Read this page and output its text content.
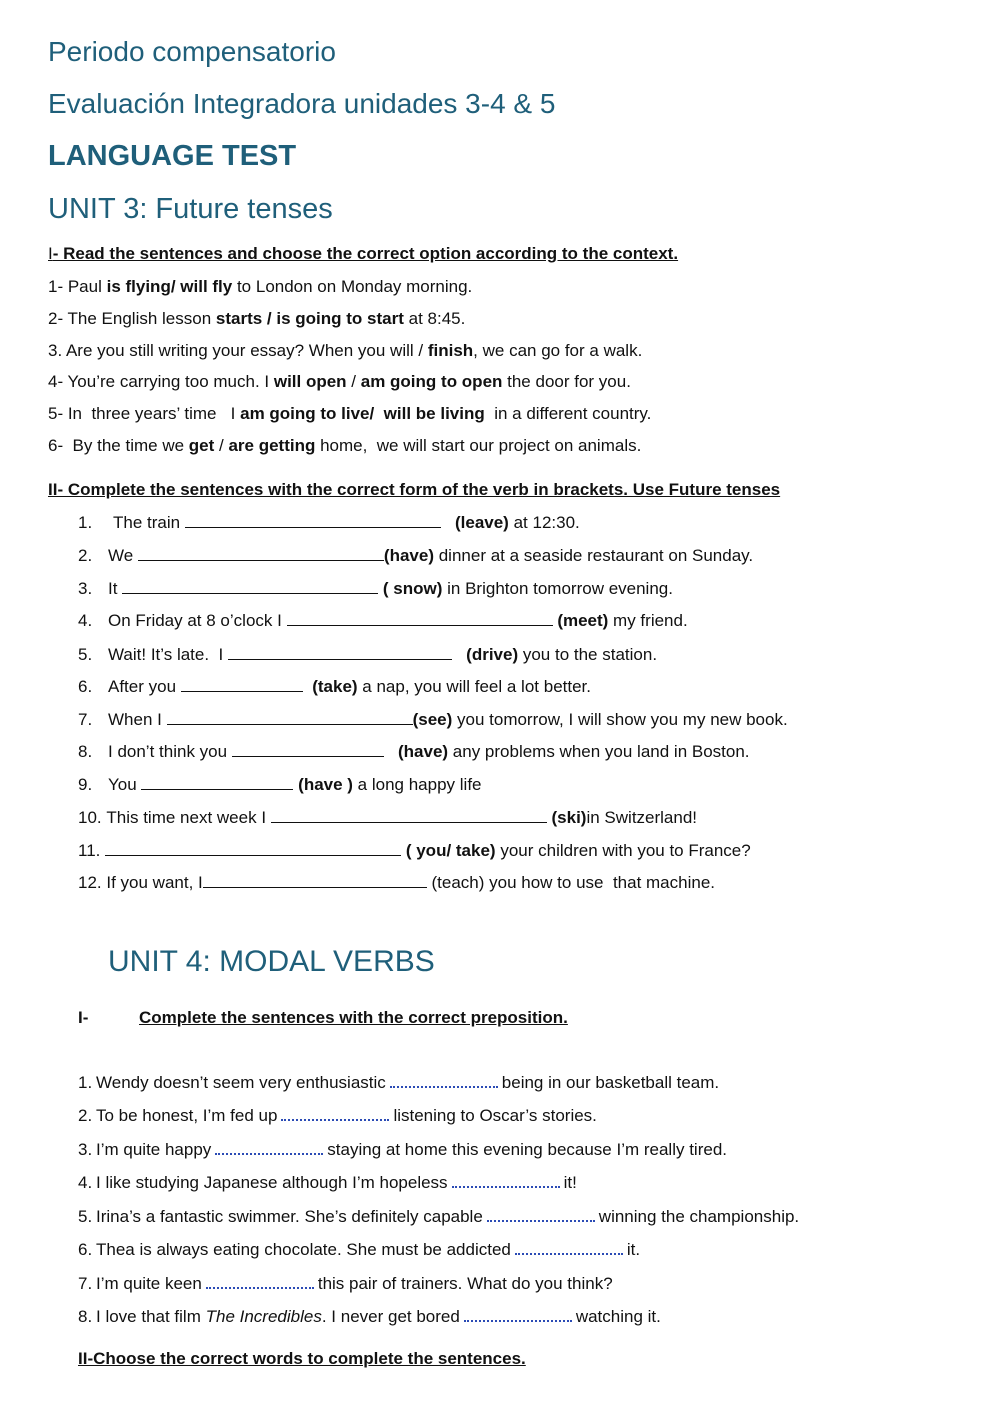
Periodo compensatorio
Evaluación Integradora unidades 3-4 & 5
LANGUAGE TEST
UNIT 3: Future tenses
I- Read the sentences and choose the correct option according to the context.
1- Paul is flying/ will fly to London on Monday morning.
2- The English lesson starts / is going to start at 8:45.
3. Are you still writing your essay? When you will / finish, we can go for a walk.
4- You’re carrying too much. I will open / am going to open the door for you.
5- In  three years’ time   I am going to live/  will be living  in a different country.
6-  By the time we get / are getting home,  we will start our project on animals.
II- Complete the sentences with the correct form of the verb in brackets. Use Future tenses
1. The train	(leave) at 12:30.
2. We	(have) dinner at a seaside restaurant on Sunday.
3. It	( snow) in Brighton tomorrow evening.
4. On Friday at 8 o’clock I	(meet) my friend.
5. Wait! It’s late.  I	(drive) you to the station.
6. After you	(take) a nap, you will feel a lot better.
7. When I	(see) you tomorrow, I will show you my new book.
8. I don’t think you	(have) any problems when you land in Boston.
9. You	(have ) a long happy life
10. This time next week I	(ski)in Switzerland!
11.	( you/ take) your children with you to France?
12. If you want, I	(teach) you how to use  that machine.
UNIT 4: MODAL VERBS
I-	Complete the sentences with the correct preposition.
1. Wendy doesn’t seem very enthusiastic	being in our basketball team.
2. To be honest, I’m fed up	listening to Oscar’s stories.
3. I’m quite happy	staying at home this evening because I’m really tired.
4. I like studying Japanese although I’m hopeless	it!
5. Irina’s a fantastic swimmer. She’s definitely capable	winning the championship.
6. Thea is always eating chocolate. She must be addicted	it.
7. I’m quite keen	this pair of trainers. What do you think?
8. I love that film The Incredibles. I never get bored	watching it.
II-Choose the correct words to complete the sentences.
